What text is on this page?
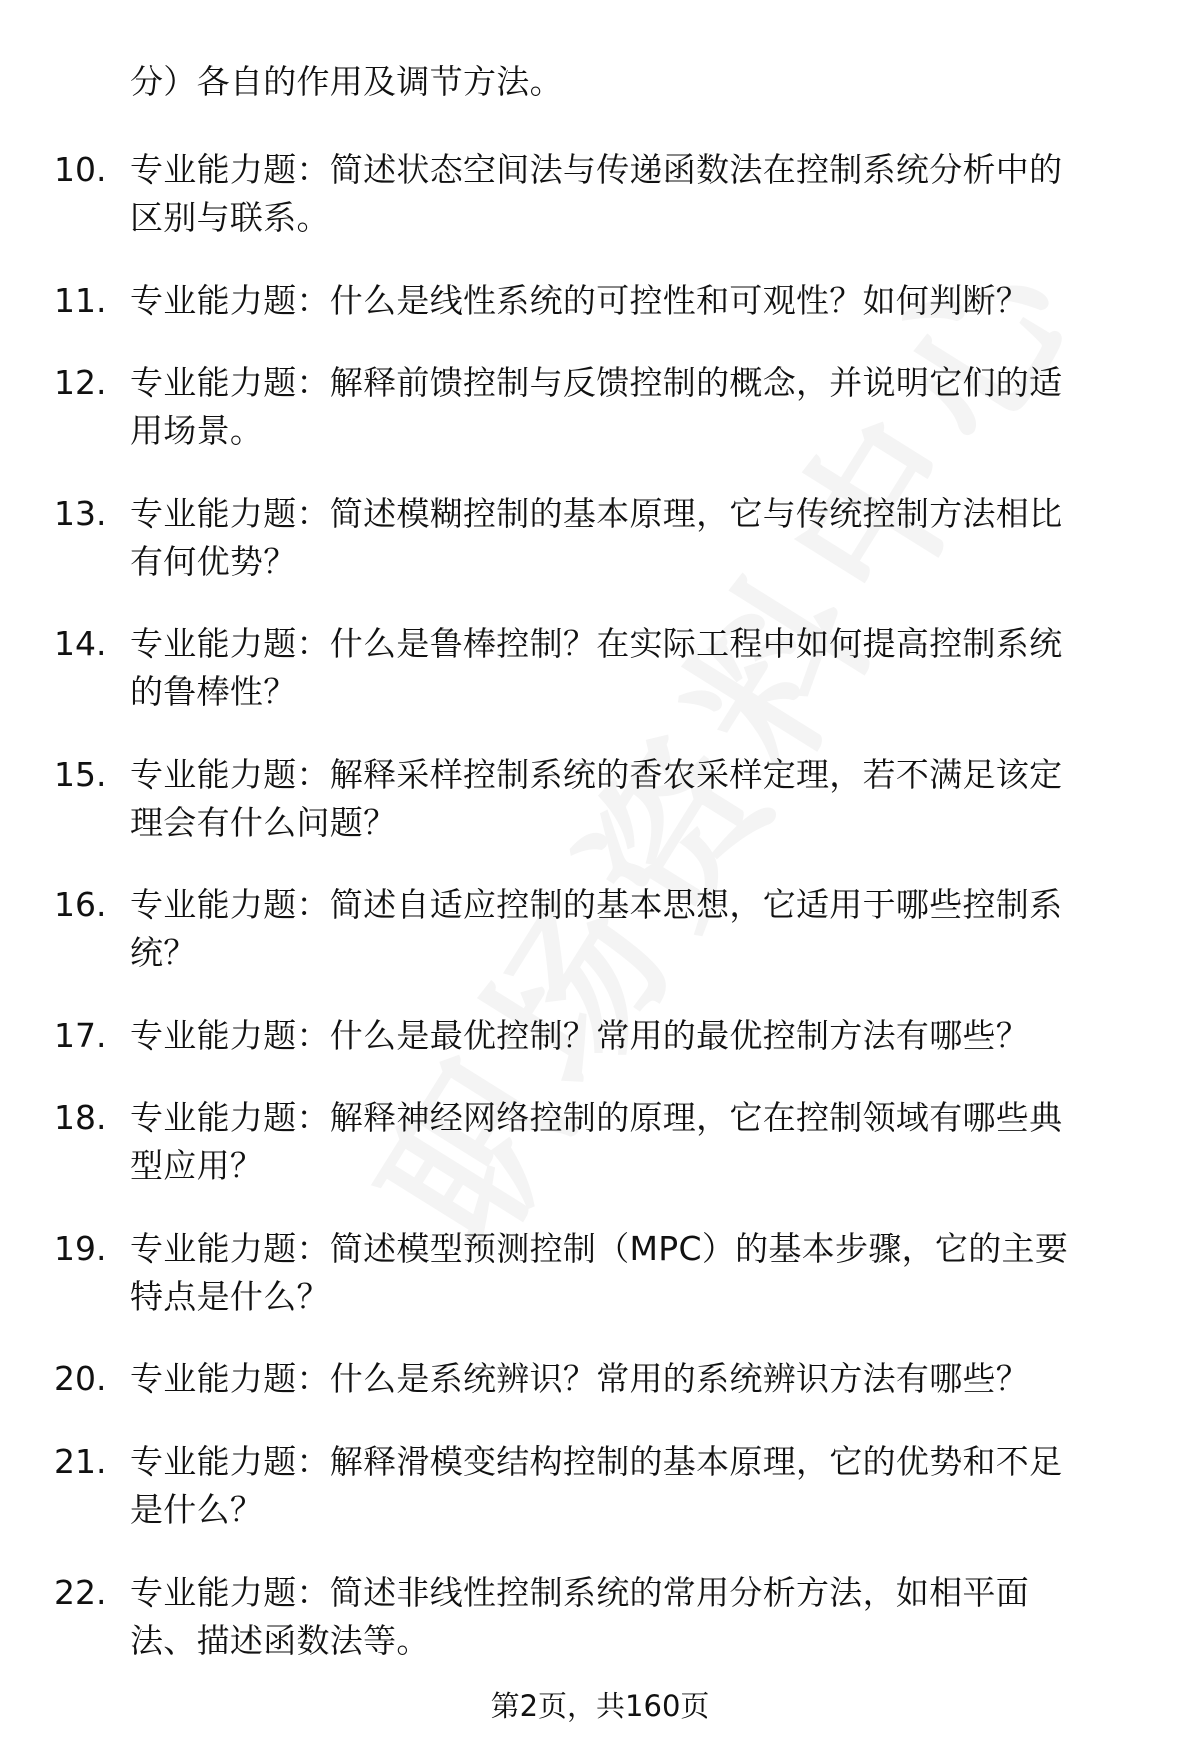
分）各自的作用及调节方法。
10. 专业能力题：简述状态空间法与传递函数法在控制系统分析中的
区别与联系。
11. 专业能力题：什么是线性系统的可控性和可观性？如何判断？
12. 专业能力题：解释前馈控制与反馈控制的概念，并说明它们的适
用场景。
13. 专业能力题：简述模糊控制的基本原理，它与传统控制方法相比
有何优势？
14. 专业能力题：什么是鲁棒控制？在实际工程中如何提高控制系统
的鲁棒性？
15. 专业能力题：解释采样控制系统的香农采样定理，若不满足该定
理会有什么问题？
16. 专业能力题：简述自适应控制的基本思想，它适用于哪些控制系
统？
17. 专业能力题：什么是最优控制？常用的最优控制方法有哪些？
18. 专业能力题：解释神经网络控制的原理，它在控制领域有哪些典
型应用？
19. 专业能力题：简述模型预测控制（MPC）的基本步骤，它的主要
特点是什么？
20. 专业能力题：什么是系统辨识？常用的系统辨识方法有哪些？
21. 专业能力题：解释滑模变结构控制的基本原理，它的优势和不足
是什么？
22. 专业能力题：简述非线性控制系统的常用分析方法，如相平面
法、描述函数法等。
第2页，共160页
